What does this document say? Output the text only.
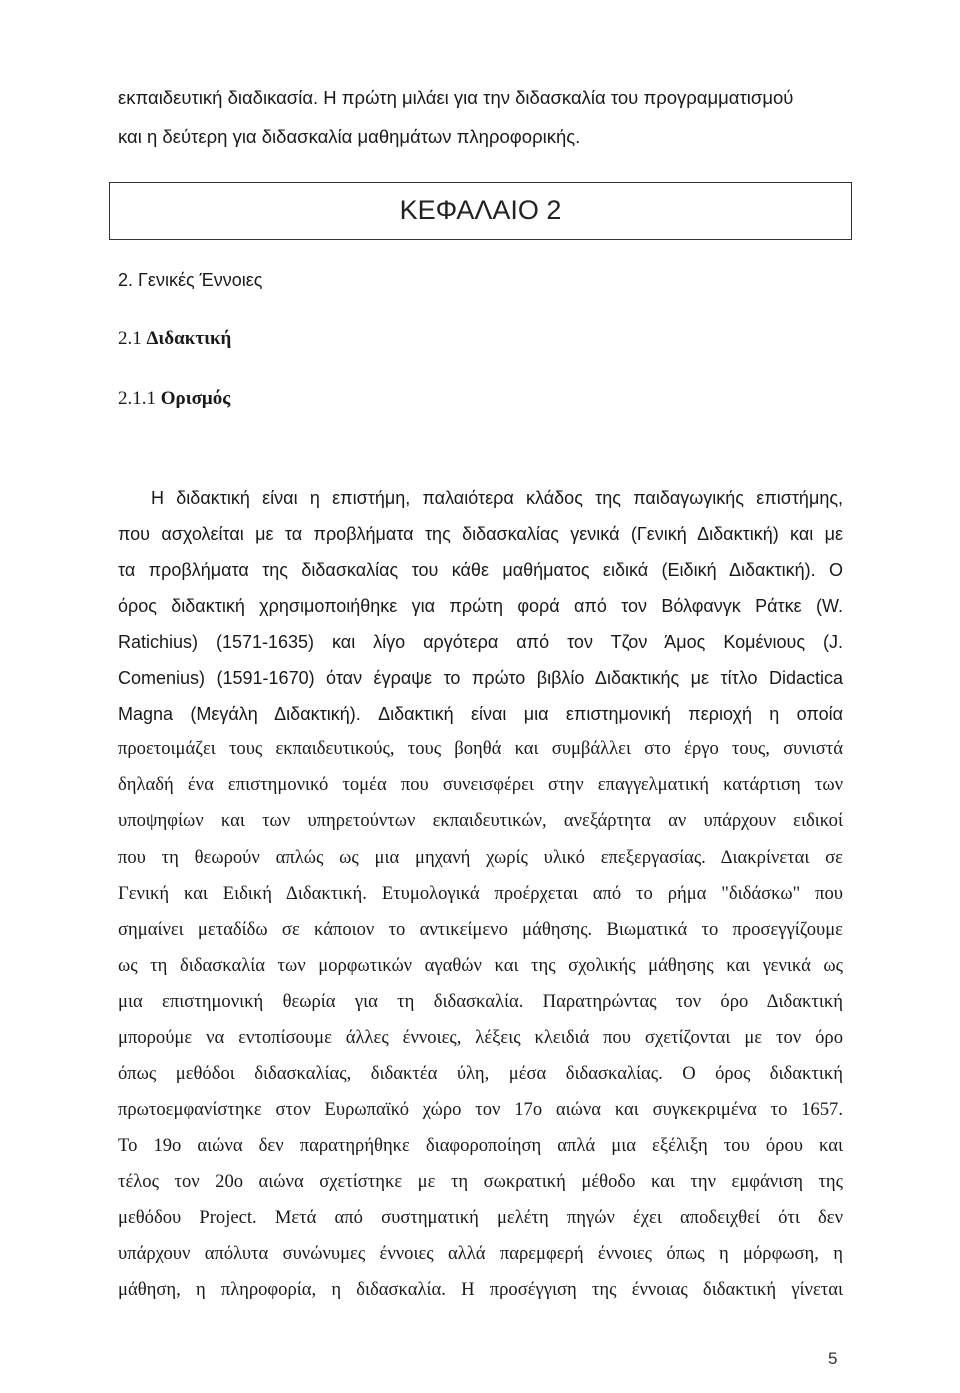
εκπαιδευτική διαδικασία. Η πρώτη μιλάει για την διδασκαλία του προγραμματισμού
και η δεύτερη για διδασκαλία μαθημάτων πληροφορικής.
ΚΕΦΑΛΑΙΟ 2
2. Γενικές Έννοιες
2.1 Διδακτική
2.1.1 Ορισμός
Η διδακτική είναι η επιστήμη, παλαιότερα κλάδος της παιδαγωγικής επιστήμης,
που ασχολείται με τα προβλήματα της διδασκαλίας γενικά (Γενική Διδακτική) και με
τα προβλήματα της διδασκαλίας του κάθε μαθήματος ειδικά (Ειδική Διδακτική). Ο
όρος διδακτική χρησιμοποιήθηκε για πρώτη φορά από τον Βόλφανγκ Ράτκε (W.
Ratichius) (1571-1635) και λίγο αργότερα από τον Τζον Άμος Κομένιους (J.
Comenius) (1591-1670) όταν έγραψε το πρώτο βιβλίο Διδακτικής με τίτλο Didactica
Magna (Μεγάλη Διδακτική). Διδακτική είναι μια επιστημονική περιοχή η οποία
προετοιμάζει τους εκπαιδευτικούς, τους βοηθά και συμβάλλει στο έργο τους, συνιστά
δηλαδή ένα επιστημονικό τομέα που συνεισφέρει στην επαγγελματική κατάρτιση των
υποψηφίων και των υπηρετούντων εκπαιδευτικών, ανεξάρτητα αν υπάρχουν ειδικοί
που τη θεωρούν απλώς ως μια μηχανή χωρίς υλικό επεξεργασίας. Διακρίνεται σε
Γενική και Ειδική Διδακτική. Ετυμολογικά προέρχεται από το ρήμα "διδάσκω" που
σημαίνει μεταδίδω σε κάποιον το αντικείμενο μάθησης. Βιωματικά το προσεγγίζουμε
ως τη διδασκαλία των μορφωτικών αγαθών και της σχολικής μάθησης και γενικά ως
μια επιστημονική θεωρία για τη διδασκαλία. Παρατηρώντας τον όρο Διδακτική
μπορούμε να εντοπίσουμε άλλες έννοιες, λέξεις κλειδιά που σχετίζονται με τον όρο
όπως μεθόδοι διδασκαλίας, διδακτέα ύλη, μέσα διδασκαλίας. Ο όρος διδακτική
πρωτοεμφανίστηκε στον Ευρωπαϊκό χώρο τον 17ο αιώνα και συγκεκριμένα το 1657.
Το 19ο αιώνα δεν παρατηρήθηκε διαφοροποίηση απλά μια εξέλιξη του όρου και
τέλος τον 20ο αιώνα σχετίστηκε με τη σωκρατική μέθοδο και την εμφάνιση της
μεθόδου Project. Μετά από συστηματική μελέτη πηγών έχει αποδειχθεί ότι δεν
υπάρχουν απόλυτα συνώνυμες έννοιες αλλά παρεμφερή έννοιες όπως η μόρφωση, η
μάθηση, η πληροφορία, η διδασκαλία. Η προσέγγιση της έννοιας διδακτική γίνεται
5
